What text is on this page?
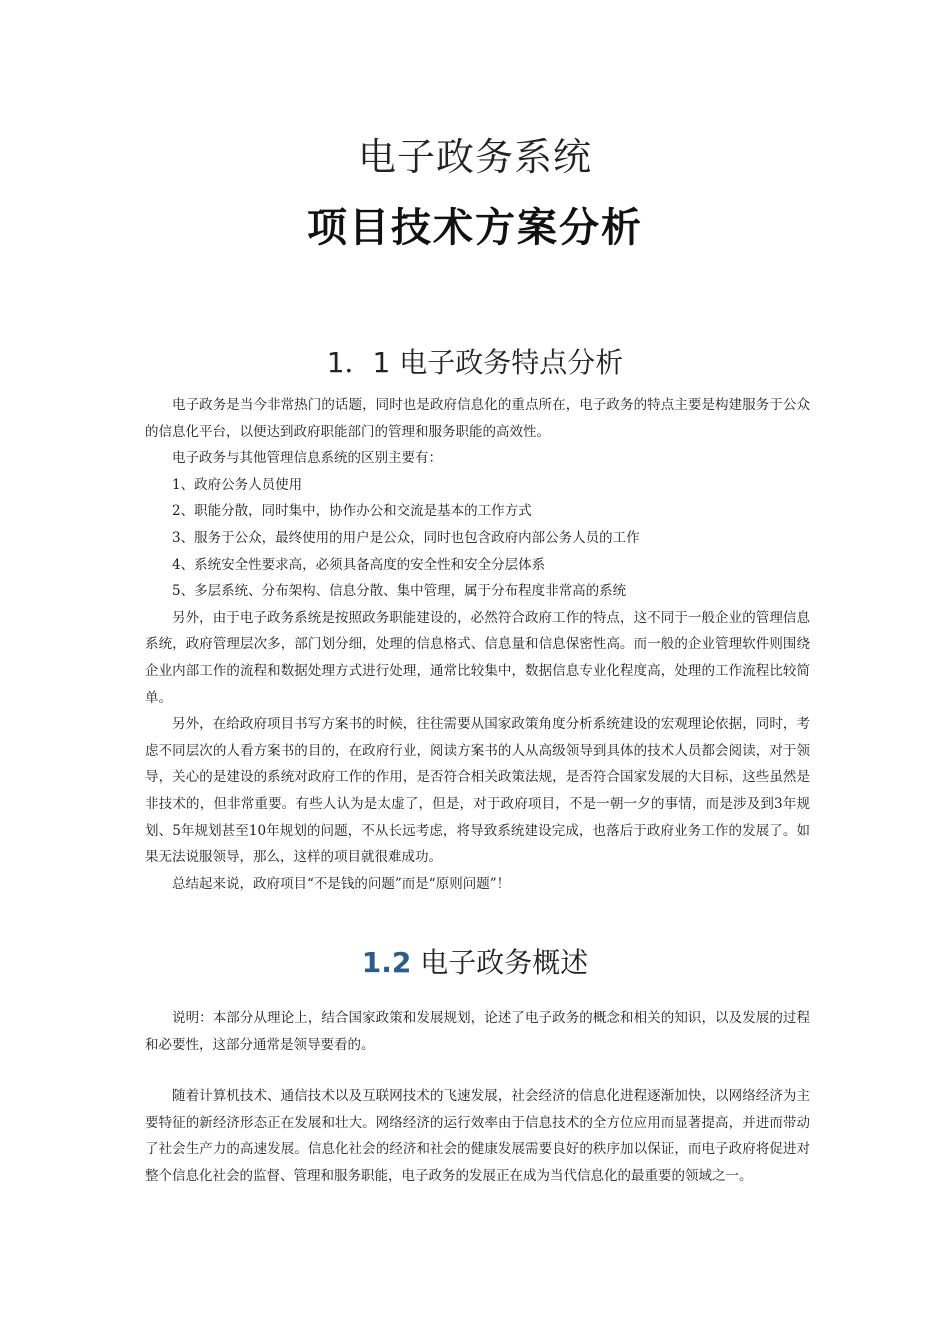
电子政务系统
项目技术方案分析
1．1 电子政务特点分析

电子政务是当今非常热门的话题，同时也是政府信息化的重点所在，电子政务的特点主要是构建服务于公众的信息化平台，以便达到政府职能部门的管理和服务职能的高效性。

电子政务与其他管理信息系统的区别主要有：

1、政府公务人员使用

2、职能分散，同时集中，协作办公和交流是基本的工作方式

3、服务于公众，最终使用的用户是公众，同时也包含政府内部公务人员的工作

4、系统安全性要求高，必须具备高度的安全性和安全分层体系

5、多层系统、分布架构、信息分散、集中管理，属于分布程度非常高的系统

另外，由于电子政务系统是按照政务职能建设的，必然符合政府工作的特点，这不同于一般企业的管理信息系统，政府管理层次多，部门划分细，处理的信息格式、信息量和信息保密性高。而一般的企业管理软件则围绕企业内部工作的流程和数据处理方式进行处理，通常比较集中，数据信息专业化程度高，处理的工作流程比较简单。

另外，在给政府项目书写方案书的时候，往往需要从国家政策角度分析系统建设的宏观理论依据，同时，考虑不同层次的人看方案书的目的，在政府行业，阅读方案书的人从高级领导到具体的技术人员都会阅读，对于领导，关心的是建设的系统对政府工作的作用，是否符合相关政策法规，是否符合国家发展的大目标，这些虽然是非技术的，但非常重要。有些人认为是太虚了，但是，对于政府项目，不是一朝一夕的事情，而是涉及到3年规划、5年规划甚至10年规划的问题，不从长远考虑，将导致系统建设完成，也落后于政府业务工作的发展了。如果无法说服领导，那么，这样的项目就很难成功。

总结起来说，政府项目“不是钱的问题”而是“原则问题”！

1.2 电子政务概述

说明：本部分从理论上，结合国家政策和发展规划，论述了电子政务的概念和相关的知识，以及发展的过程和必要性，这部分通常是领导要看的。

随着计算机技术、通信技术以及互联网技术的飞速发展，社会经济的信息化进程逐渐加快，以网络经济为主要特征的新经济形态正在发展和壮大。网络经济的运行效率由于信息技术的全方位应用而显著提高，并进而带动了社会生产力的高速发展。信息化社会的经济和社会的健康发展需要良好的秩序加以保证，而电子政府将促进对整个信息化社会的监督、管理和服务职能，电子政务的发展正在成为当代信息化的最重要的领域之一。
